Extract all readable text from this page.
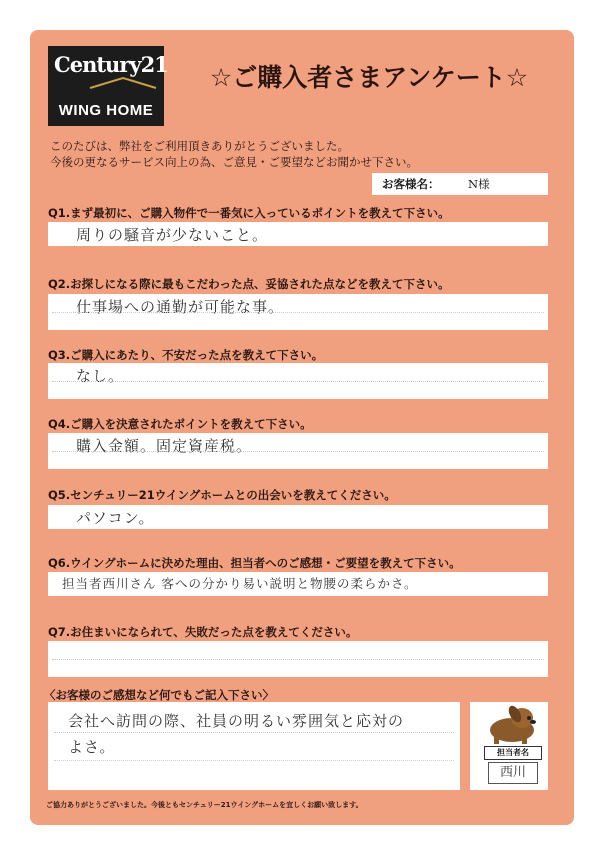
Century21
WING HOME
☆ご購入者さまアンケート☆
このたびは、弊社をご利用頂きありがとうございました。
今後の更なるサービス向上の為、ご意見・ご要望などお聞かせ下さい。
お客様名： N様
Q1.まず最初に、ご購入物件で一番気に入っているポイントを教えて下さい。
周りの騒音が少ないこと。
Q2.お探しになる際に最もこだわった点、妥協された点などを教えて下さい。
仕事場への通勤が可能な事。
Q3.ご購入にあたり、不安だった点を教えて下さい。
なし。
Q4.ご購入を決意されたポイントを教えて下さい。
購入金額。固定資産税。
Q5.センチュリー21ウイングホームとの出会いを教えてください。
パソコン。
Q6.ウイングホームに決めた理由、担当者へのご感想・ご要望を教えて下さい。
担当者西川さん 客への分かり易い説明と物腰の柔らかさ。
Q7.お住まいになられて、失敗だった点を教えてください。
〈お客様のご感想など何でもご記入下さい〉
会社へ訪問の際、社員の明るい雰囲気と応対の
よさ。	担当者名
西川
ご協力ありがとうございました。今後ともセンチュリー21ウイングホームを宜しくお願い致します。
